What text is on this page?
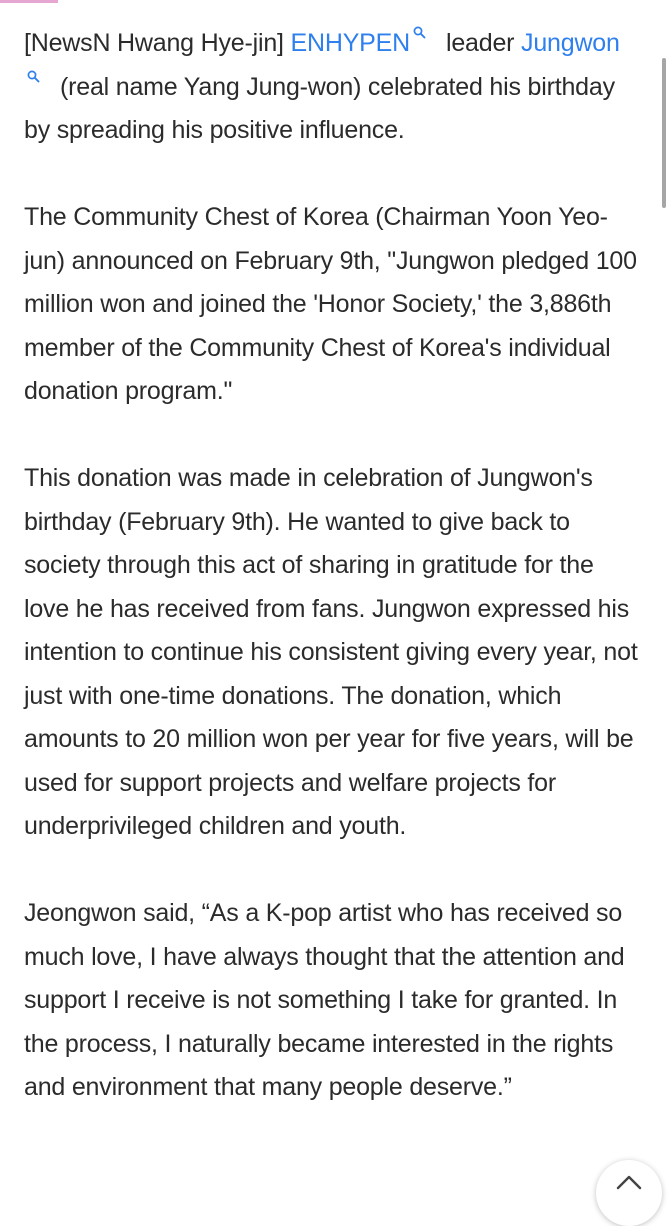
[NewsN Hwang Hye-jin] ENHYPEN leader Jungwon
(real name Yang Jung-won) celebrated his birthday by spreading his positive influence.

The Community Chest of Korea (Chairman Yoon Yeo-jun) announced on February 9th, "Jungwon pledged 100 million won and joined the 'Honor Society,' the 3,886th member of the Community Chest of Korea's individual donation program."

This donation was made in celebration of Jungwon's birthday (February 9th). He wanted to give back to society through this act of sharing in gratitude for the love he has received from fans. Jungwon expressed his intention to continue his consistent giving every year, not just with one-time donations. The donation, which amounts to 20 million won per year for five years, will be used for support projects and welfare projects for underprivileged children and youth.

Jeongwon said, “As a K-pop artist who has received so much love, I have always thought that the attention and support I receive is not something I take for granted. In the process, I naturally became interested in the rights and environment that many people deserve.”
